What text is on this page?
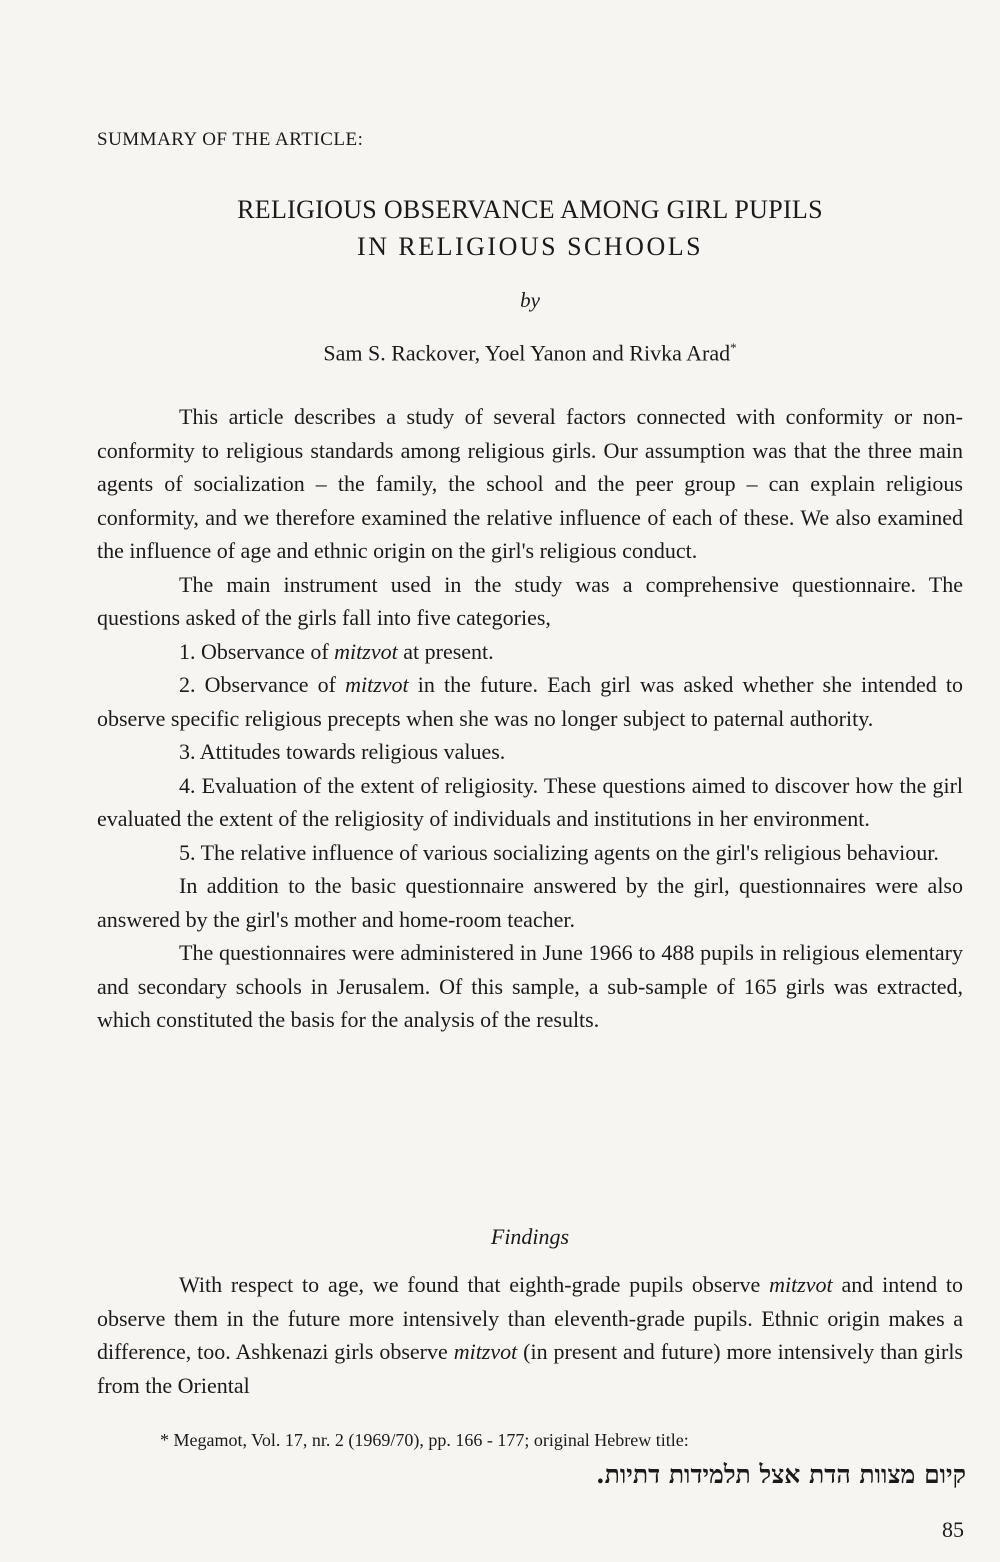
SUMMARY OF THE ARTICLE:
RELIGIOUS OBSERVANCE AMONG GIRL PUPILS
IN RELIGIOUS SCHOOLS
by
Sam S. Rackover, Yoel Yanon and Rivka Arad*

This article describes a study of several factors connected with conformity or non-conformity to religious standards among religious girls. Our assumption was that the three main agents of socialization – the family, the school and the peer group – can explain religious conformity, and we therefore examined the relative influence of each of these. We also examined the influence of age and ethnic origin on the girl's religious conduct.

The main instrument used in the study was a comprehensive questionnaire. The questions asked of the girls fall into five categories,

1. Observance of mitzvot at present.

2. Observance of mitzvot in the future. Each girl was asked whether she intended to observe specific religious precepts when she was no longer subject to paternal authority.

3. Attitudes towards religious values.

4. Evaluation of the extent of religiosity. These questions aimed to discover how the girl evaluated the extent of the religiosity of individuals and institutions in her environment.

5. The relative influence of various socializing agents on the girl's religious behaviour.

In addition to the basic questionnaire answered by the girl, questionnaires were also answered by the girl's mother and home-room teacher.

The questionnaires were administered in June 1966 to 488 pupils in religious elementary and secondary schools in Jerusalem. Of this sample, a sub-sample of 165 girls was extracted, which constituted the basis for the analysis of the results.

Findings

With respect to age, we found that eighth-grade pupils observe mitzvot and intend to observe them in the future more intensively than eleventh-grade pupils. Ethnic origin makes a difference, too. Ashkenazi girls observe mitzvot (in present and future) more intensively than girls from the Oriental

* Megamot, Vol. 17, nr. 2 (1969/70), pp. 166 - 177; original Hebrew title:
קיום מצוות הדת אצל תלמידות דתיות.
85
